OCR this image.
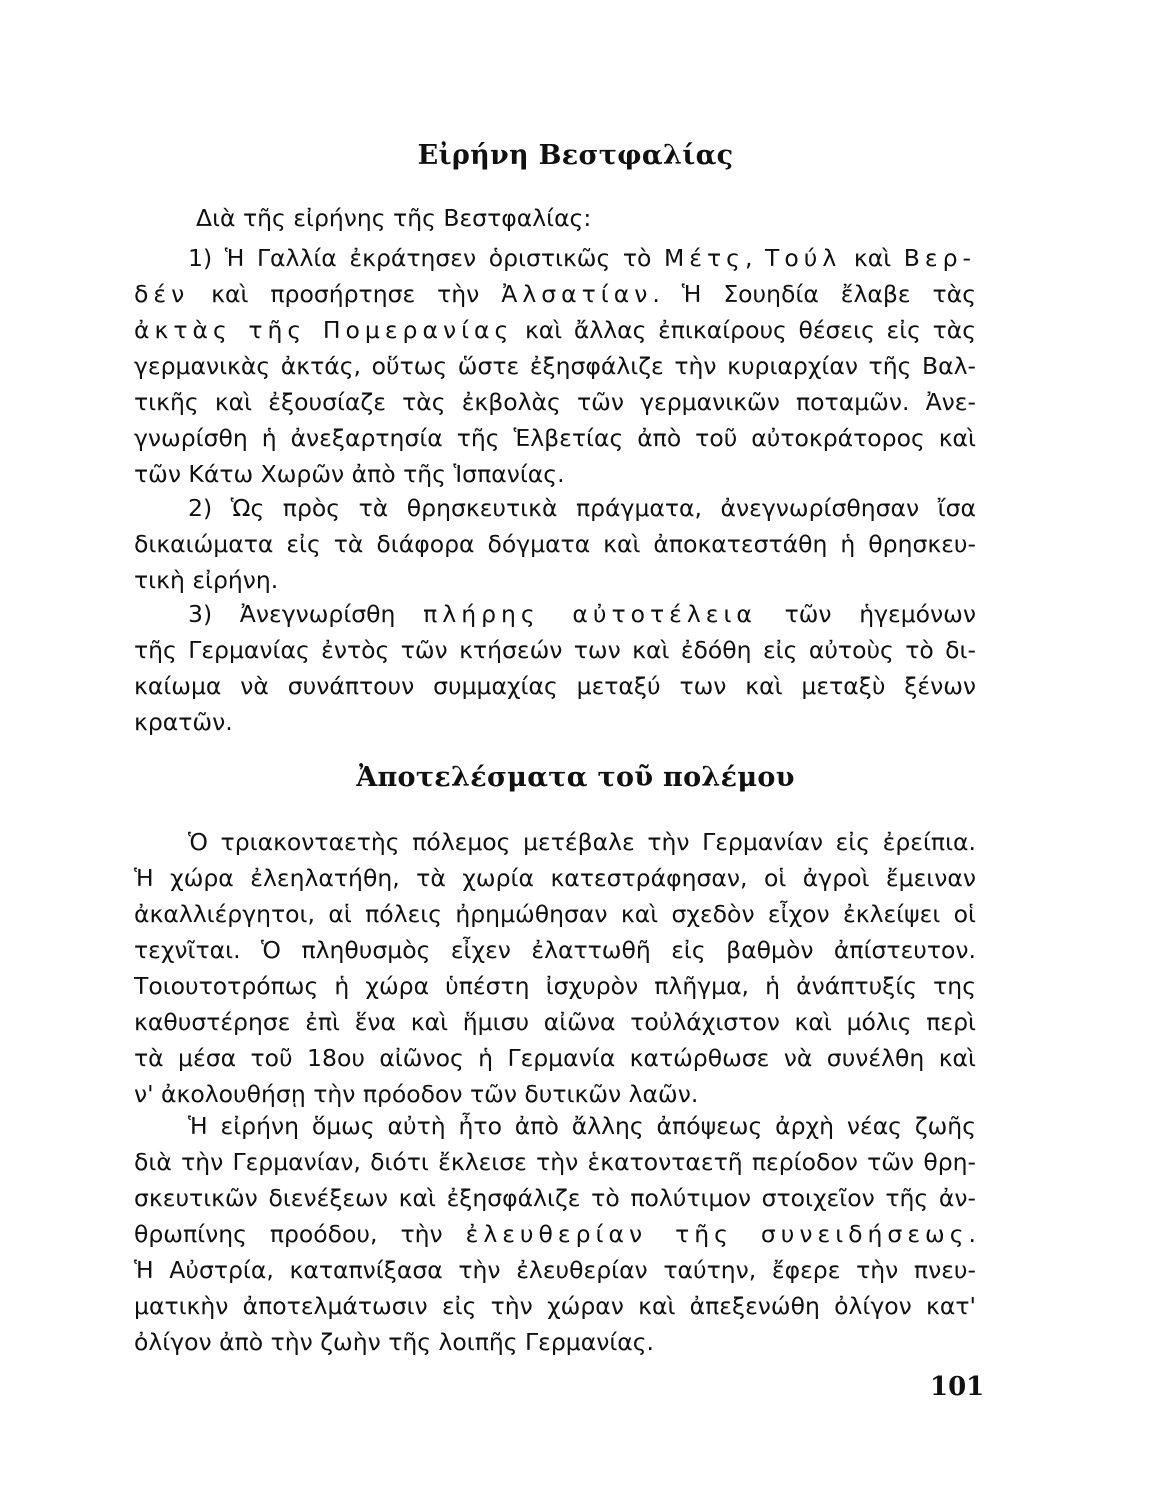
Εἰρήνη Βεστφαλίας
Διὰ τῆς εἰρήνης τῆς Βεστφαλίας:
1) Ἡ Γαλλία ἐκράτησεν ὁριστικῶς τὸ Μέτς, Τούλ καὶ Βερ-
δέν καὶ προσήρτησε τὴν Ἀλσατίαν. Ἡ Σουηδία ἔλαβε τὰς
ἀκτὰς τῆς Πομερανίας καὶ ἄλλας ἐπικαίρους θέσεις εἰς τὰς
γερμανικὰς ἀκτάς, οὕτως ὥστε ἐξησφάλιζε τὴν κυριαρχίαν τῆς Βαλ-
τικῆς καὶ ἐξουσίαζε τὰς ἐκβολὰς τῶν γερμανικῶν ποταμῶν. Ἀνε-
γνωρίσθη ἡ ἀνεξαρτησία τῆς Ἑλβετίας ἀπὸ τοῦ αὐτοκράτορος καὶ
τῶν Κάτω Χωρῶν ἀπὸ τῆς Ἱσπανίας.
2) Ὡς πρὸς τὰ θρησκευτικὰ πράγματα, ἀνεγνωρίσθησαν ἴσα
δικαιώματα εἰς τὰ διάφορα δόγματα καὶ ἀποκατεστάθη ἡ θρησκευ-
τικὴ εἰρήνη.
3) Ἀνεγνωρίσθη πλήρης αὐτοτέλεια τῶν ἡγεμόνων
τῆς Γερμανίας ἐντὸς τῶν κτήσεών των καὶ ἐδόθη εἰς αὐτοὺς τὸ δι-
καίωμα νὰ συνάπτουν συμμαχίας μεταξύ των καὶ μεταξὺ ξένων
κρατῶν.
Ἀποτελέσματα τοῦ πολέμου
Ὁ τριακονταετὴς πόλεμος μετέβαλε τὴν Γερμανίαν εἰς ἐρείπια.
Ἡ χώρα ἐλεηλατήθη, τὰ χωρία κατεστράφησαν, οἱ ἀγροὶ ἔμειναν
ἀκαλλιέργητοι, αἱ πόλεις ἠρημώθησαν καὶ σχεδὸν εἶχον ἐκλείψει οἱ
τεχνῖται. Ὁ πληθυσμὸς εἶχεν ἐλαττωθῆ εἰς βαθμὸν ἀπίστευτον.
Τοιουτοτρόπως ἡ χώρα ὑπέστη ἰσχυρὸν πλῆγμα, ἡ ἀνάπτυξίς της
καθυστέρησε ἐπὶ ἕνα καὶ ἥμισυ αἰῶνα τοὐλάχιστον καὶ μόλις περὶ
τὰ μέσα τοῦ 18ου αἰῶνος ἡ Γερμανία κατώρθωσε νὰ συνέλθη καὶ
ν' ἀκολουθήσῃ τὴν πρόοδον τῶν δυτικῶν λαῶν.
Ἡ εἰρήνη ὅμως αὐτὴ ἦτο ἀπὸ ἄλλης ἀπόψεως ἀρχὴ νέας ζωῆς
διὰ τὴν Γερμανίαν, διότι ἔκλεισε τὴν ἑκατονταετῆ περίοδον τῶν θρη-
σκευτικῶν διενέξεων καὶ ἐξησφάλιζε τὸ πολύτιμον στοιχεῖον τῆς ἀν-
θρωπίνης προόδου, τὴν ἐλευθερίαν τῆς συνειδήσεως.
Ἡ Αὐστρία, καταπνίξασα τὴν ἐλευθερίαν ταύτην, ἔφερε τὴν πνευ-
ματικὴν ἀποτελμάτωσιν εἰς τὴν χώραν καὶ ἀπεξενώθη ὀλίγον κατ'
ὀλίγον ἀπὸ τὴν ζωὴν τῆς λοιπῆς Γερμανίας.
101
